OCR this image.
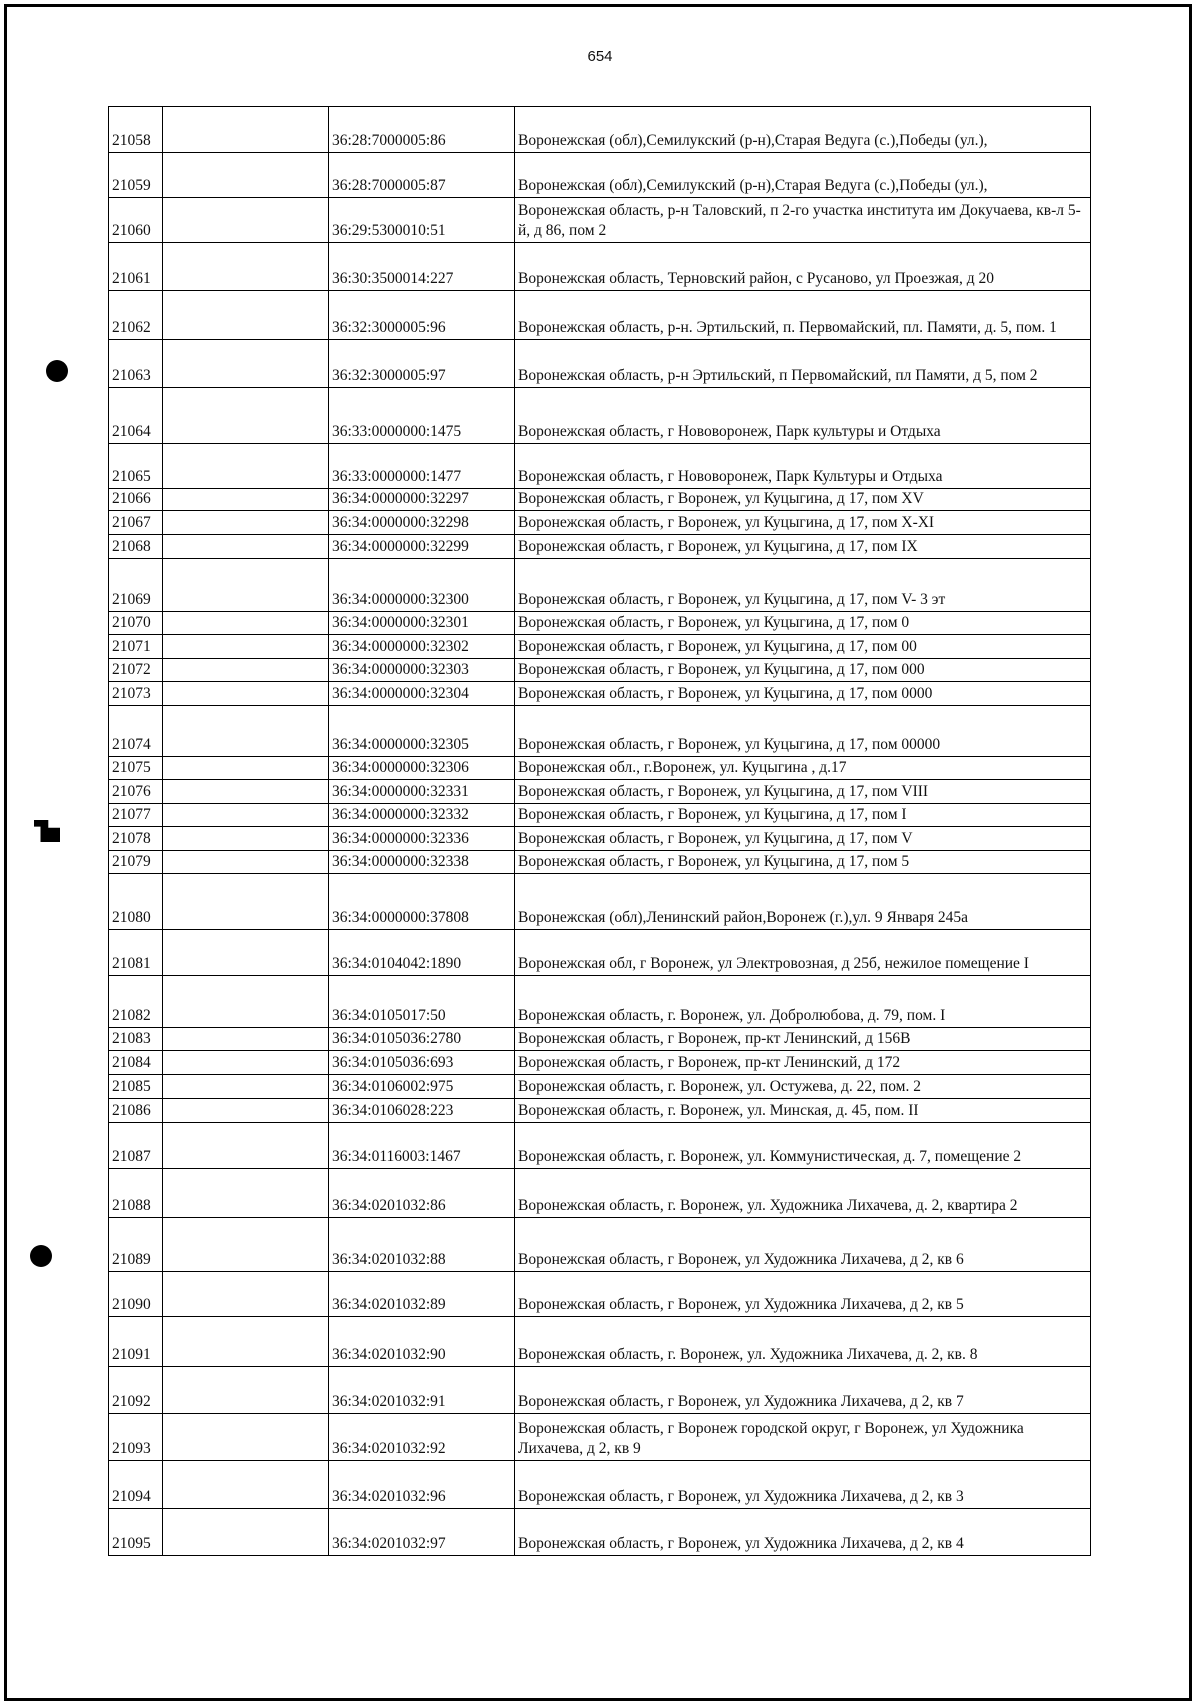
654
21058		36:28:7000005:86	Воронежская (обл),Семилукский (р-н),Старая Ведуга (с.),Победы (ул.),
21059		36:28:7000005:87	Воронежская (обл),Семилукский (р-н),Старая Ведуга (с.),Победы (ул.),
21060		36:29:5300010:51	Воронежская область, р-н Таловский, п 2-го участка института им Докучаева, кв-л 5-й, д 86, пом 2
21061		36:30:3500014:227	Воронежская область, Терновский район, с Русаново, ул Проезжая, д 20
21062		36:32:3000005:96	Воронежская область, р-н. Эртильский, п. Первомайский, пл. Памяти, д. 5, пом. 1
21063		36:32:3000005:97	Воронежская область, р-н Эртильский, п Первомайский, пл Памяти, д 5, пом 2
21064		36:33:0000000:1475	Воронежская область, г Нововоронеж, Парк культуры и Отдыха
21065		36:33:0000000:1477	Воронежская область, г Нововоронеж, Парк Культуры и Отдыха
21066		36:34:0000000:32297	Воронежская область, г Воронеж, ул Куцыгина, д 17, пом XV
21067		36:34:0000000:32298	Воронежская область, г Воронеж, ул Куцыгина, д 17, пом X-XI
21068		36:34:0000000:32299	Воронежская область, г Воронеж, ул Куцыгина, д 17, пом IX
21069		36:34:0000000:32300	Воронежская область, г Воронеж, ул Куцыгина, д 17, пом V- 3 эт
21070		36:34:0000000:32301	Воронежская область, г Воронеж, ул Куцыгина, д 17, пом 0
21071		36:34:0000000:32302	Воронежская область, г Воронеж, ул Куцыгина, д 17, пом 00
21072		36:34:0000000:32303	Воронежская область, г Воронеж, ул Куцыгина, д 17, пом 000
21073		36:34:0000000:32304	Воронежская область, г Воронеж, ул Куцыгина, д 17, пом 0000
21074		36:34:0000000:32305	Воронежская область, г Воронеж, ул Куцыгина, д 17, пом 00000
21075		36:34:0000000:32306	Воронежская обл., г.Воронеж, ул. Куцыгина , д.17
21076		36:34:0000000:32331	Воронежская область, г Воронеж, ул Куцыгина, д 17, пом VIII
21077		36:34:0000000:32332	Воронежская область, г Воронеж, ул Куцыгина, д 17, пом I
21078		36:34:0000000:32336	Воронежская область, г Воронеж, ул Куцыгина, д 17, пом V
21079		36:34:0000000:32338	Воронежская область, г Воронеж, ул Куцыгина, д 17, пом 5
21080		36:34:0000000:37808	Воронежская (обл),Ленинский район,Воронеж (г.),ул. 9 Января 245а
21081		36:34:0104042:1890	Воронежская обл, г Воронеж, ул Электровозная, д 25б, нежилое помещение I
21082		36:34:0105017:50	Воронежская область, г. Воронеж, ул. Добролюбова, д. 79, пом. I
21083		36:34:0105036:2780	Воронежская область, г Воронеж, пр-кт Ленинский, д 156В
21084		36:34:0105036:693	Воронежская область, г Воронеж, пр-кт Ленинский, д 172
21085		36:34:0106002:975	Воронежская область, г. Воронеж, ул. Остужева, д. 22, пом. 2
21086		36:34:0106028:223	Воронежская область, г. Воронеж, ул. Минская, д. 45, пом. II
21087		36:34:0116003:1467	Воронежская область, г. Воронеж, ул. Коммунистическая, д. 7, помещение 2
21088		36:34:0201032:86	Воронежская область, г. Воронеж, ул. Художника Лихачева, д. 2, квартира 2
21089		36:34:0201032:88	Воронежская область, г Воронеж, ул Художника Лихачева, д 2, кв 6
21090		36:34:0201032:89	Воронежская область, г Воронеж, ул Художника Лихачева, д 2, кв 5
21091		36:34:0201032:90	Воронежская область, г. Воронеж, ул. Художника Лихачева, д. 2, кв. 8
21092		36:34:0201032:91	Воронежская область, г Воронеж, ул Художника Лихачева, д 2, кв 7
21093		36:34:0201032:92	Воронежская область, г Воронеж городской округ, г Воронеж, ул Художника Лихачева, д 2, кв 9
21094		36:34:0201032:96	Воронежская область, г Воронеж, ул Художника Лихачева, д 2, кв 3
21095		36:34:0201032:97	Воронежская область, г Воронеж, ул Художника Лихачева, д 2, кв 4
